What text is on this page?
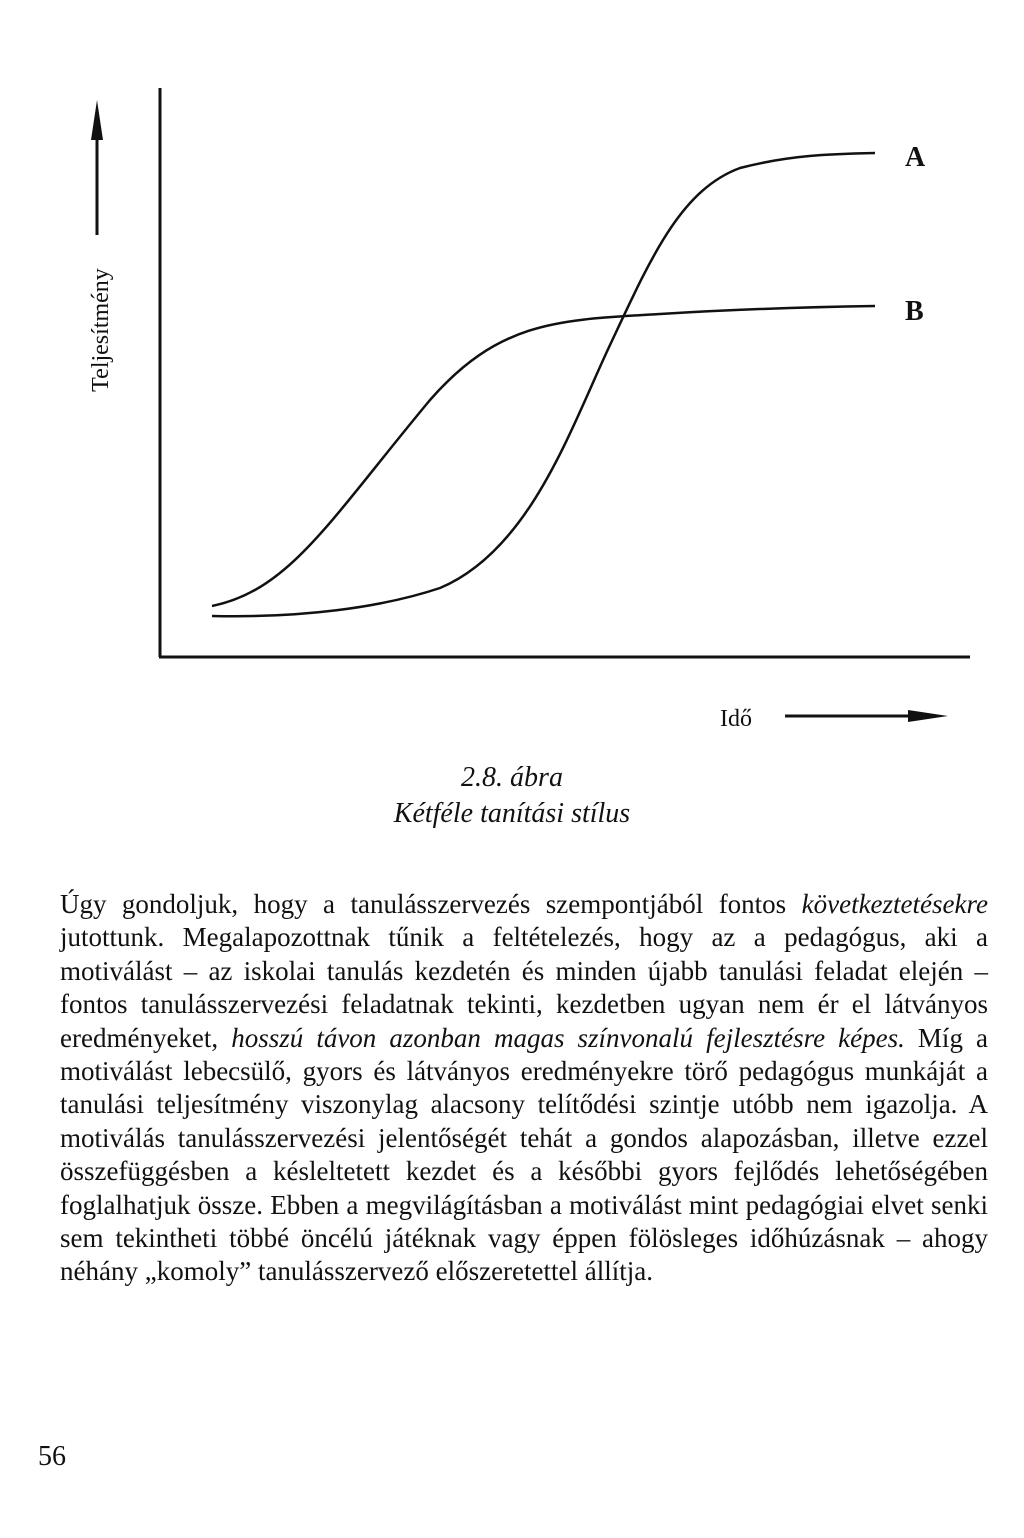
Teljesítmény
A
B
Idő
2.8. ábra
Kétféle tanítási stílus

Úgy gondoljuk, hogy a tanulásszervezés szempontjából fontos következtetésekre jutottunk. Megalapozottnak tűnik a feltételezés, hogy az a pedagógus, aki a motiválást – az iskolai tanulás kezdetén és minden újabb tanulási feladat elején – fontos tanulásszervezési feladatnak tekinti, kezdetben ugyan nem ér el látványos eredményeket, hosszú távon azonban magas színvonalú fejlesztésre képes. Míg a motiválást lebecsülő, gyors és látványos eredményekre törő pedagógus munkáját a tanulási teljesítmény viszonylag alacsony telítődési szintje utóbb nem igazolja. A motiválás tanulásszervezési jelentőségét tehát a gondos alapozásban, illetve ezzel összefüggésben a késleltetett kezdet és a későbbi gyors fejlődés lehetőségében foglalhatjuk össze. Ebben a megvilágításban a motiválást mint pedagógiai elvet senki sem tekintheti többé öncélú játéknak vagy éppen fölösleges időhúzásnak – ahogy néhány „komoly” tanulásszervező előszeretettel állítja.

56
